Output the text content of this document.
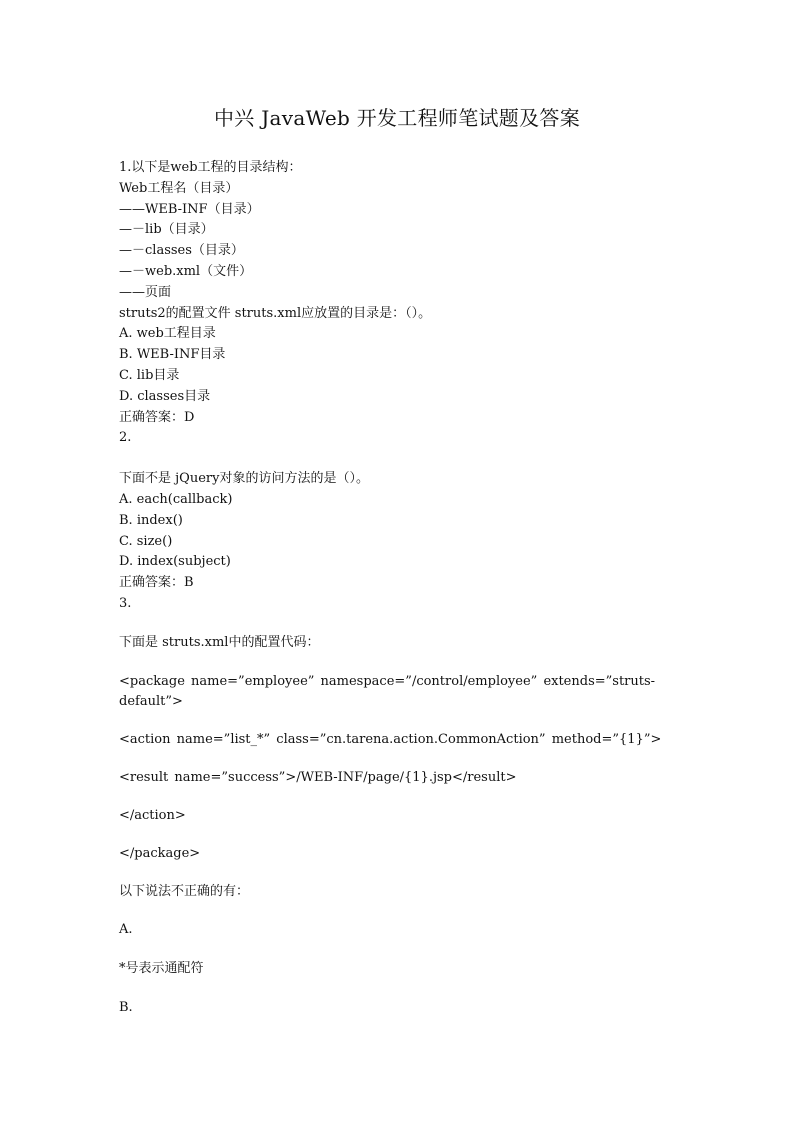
中兴 JavaWeb 开发工程师笔试题及答案
1.以下是web工程的目录结构：
Web工程名（目录）
——WEB-INF（目录）
—－lib（目录）
—－classes（目录）
—－web.xml（文件）
——页面
struts2的配置文件 struts.xml应放置的目录是：（）。
A. web工程目录
B. WEB-INF目录
C. lib目录
D. classes目录
正确答案：D
2.
下面不是 jQuery对象的访问方法的是（）。
A. each(callback)
B. index()
C. size()
D. index(subject)
正确答案：B
3.
下面是 struts.xml中的配置代码：
<package name=”employee” namespace=”/control/employee” extends=”struts-default”>
<action name=”list_*” class=”cn.tarena.action.CommonAction” method=”{1}”>
<result name=”success”>/WEB-INF/page/{1}.jsp</result>
</action>
</package>
以下说法不正确的有：
A.
*号表示通配符
B.
